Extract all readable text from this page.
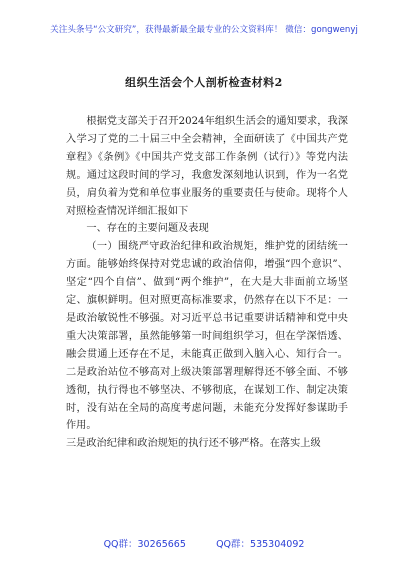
关注头条号“公文研究”，获得最新最全最专业的公文资料库！ 微信：gongwenyj
组织生活会个人剖析检查材料2

根据党支部关于召开2024年组织生活会的通知要求，我深入学习了党的二十届三中全会精神，全面研读了《中国共产党章程》《条例》《中国共产党支部工作条例（试行）》等党内法规。通过这段时间的学习，我愈发深刻地认识到，作为一名党员，肩负着为党和单位事业服务的重要责任与使命。现将个人对照检查情况详细汇报如下

一、存在的主要问题及表现

（一）围绕严守政治纪律和政治规矩，维护党的团结统一方面。能够始终保持对党忠诚的政治信仰，增强“四个意识”、坚定“四个自信”、做到“两个维护”，在大是大非面前立场坚定、旗帜鲜明。但对照更高标准要求，仍然存在以下不足：一是政治敏锐性不够强。对习近平总书记重要讲话精神和党中央重大决策部署，虽然能够第一时间组织学习，但在学深悟透、融会贯通上还存在不足，未能真正做到入脑入心、知行合一。二是政治站位不够高对上级决策部署理解得还不够全面、不够透彻，执行得也不够坚决、不够彻底，在谋划工作、制定决策时，没有站在全局的高度考虑问题，未能充分发挥好参谋助手作用。

三是政治纪律和政治规矩的执行还不够严格。在落实上级

QQ群：30265665          QQ群：535304092
